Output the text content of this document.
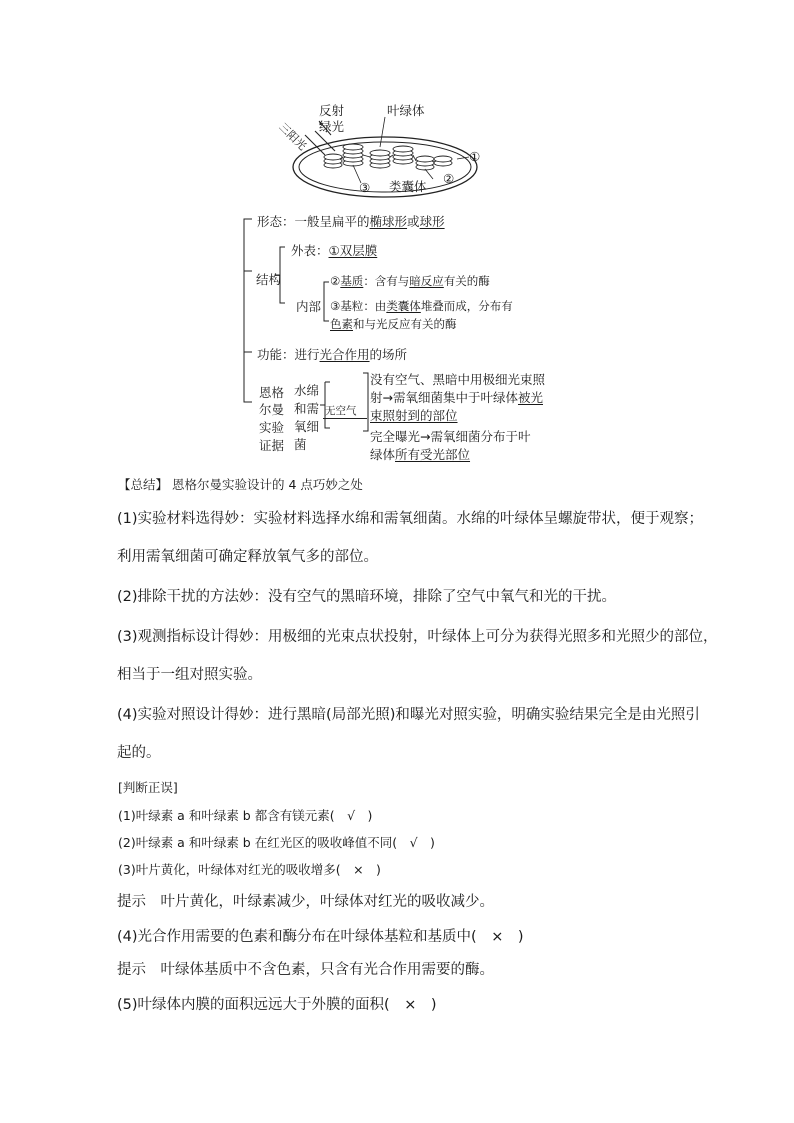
反射
绿光
叶绿体
三阳光
①
②
③ 类囊体
形态：一般呈扁平的椭球形或球形
结构
外表：①双层膜
内部
②基质：含有与暗反应有关的酶
③基粒：由类囊体堆叠而成，分布有
色素和与光反应有关的酶
功能：进行光合作用的场所
恩格
尔曼
实验
证据
水绵
和需
氧细
菌
无空气
没有空气、黑暗中用极细光束照
射→需氧细菌集中于叶绿体被光
束照射到的部位
完全曝光→需氧细菌分布于叶
绿体所有受光部位
【总结】 恩格尔曼实验设计的 4 点巧妙之处
(1)实验材料选得妙：实验材料选择水绵和需氧细菌。水绵的叶绿体呈螺旋带状，便于观察；
利用需氧细菌可确定释放氧气多的部位。
(2)排除干扰的方法妙：没有空气的黑暗环境，排除了空气中氧气和光的干扰。
(3)观测指标设计得妙：用极细的光束点状投射，叶绿体上可分为获得光照多和光照少的部位，
相当于一组对照实验。
(4)实验对照设计得妙：进行黑暗(局部光照)和曝光对照实验，明确实验结果完全是由光照引
起的。
[判断正误]
(1)叶绿素 a 和叶绿素 b 都含有镁元素(　√　)
(2)叶绿素 a 和叶绿素 b 在红光区的吸收峰值不同(　√　)
(3)叶片黄化，叶绿体对红光的吸收增多(　×　)
提示　叶片黄化，叶绿素减少，叶绿体对红光的吸收减少。
(4)光合作用需要的色素和酶分布在叶绿体基粒和基质中(　×　)
提示　叶绿体基质中不含色素，只含有光合作用需要的酶。
(5)叶绿体内膜的面积远远大于外膜的面积(　×　)
